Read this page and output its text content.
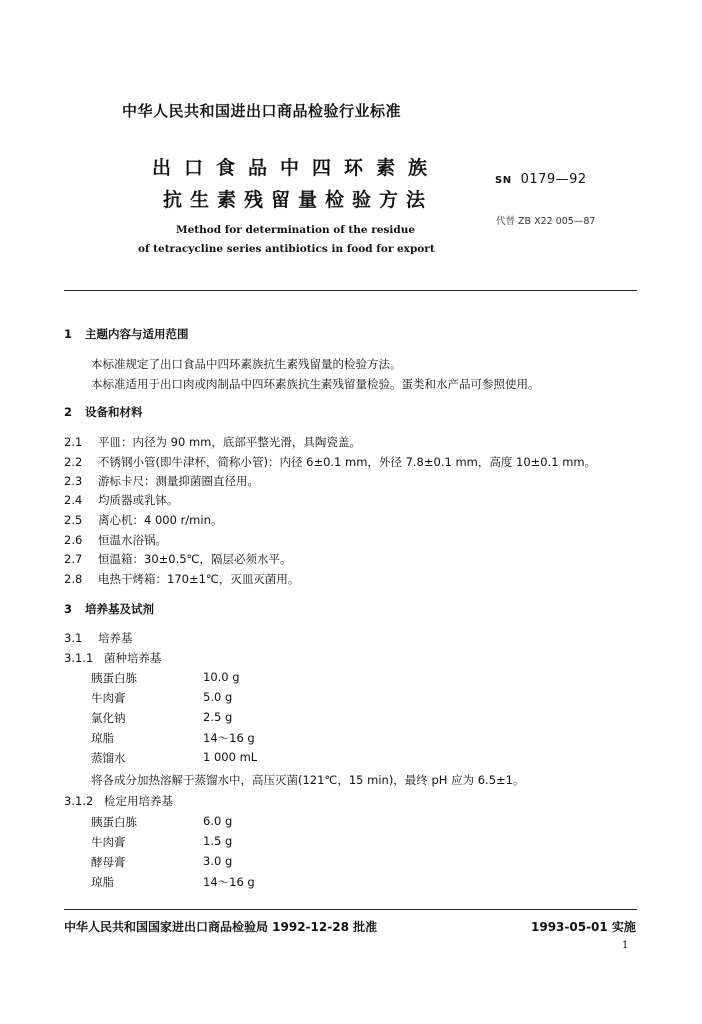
中华人民共和国进出口商品检验行业标准
出口食品中四环素族
抗生素残留量检验方法
SN 0179—92
代替 ZB X22 005—87
Method for determination of the residue
of tetracycline series antibiotics in food for export
1 主题内容与适用范围
本标准规定了出口食品中四环素族抗生素残留量的检验方法。
本标准适用于出口肉或肉制品中四环素族抗生素残留量检验。蛋类和水产品可参照使用。
2 设备和材料
2.1 平皿：内径为 90 mm，底部平整光滑，具陶瓷盖。
2.2 不锈钢小管(即牛津杯，简称小管)：内径 6±0.1 mm，外径 7.8±0.1 mm，高度 10±0.1 mm。
2.3 游标卡尺：测量抑菌圈直径用。
2.4 均质器或乳钵。
2.5 离心机：4 000 r/min。
2.6 恒温水浴锅。
2.7 恒温箱：30±0.5℃，隔层必须水平。
2.8 电热干烤箱：170±1℃，灭皿灭菌用。
3 培养基及试剂
3.1 培养基
3.1.1 菌种培养基
胰蛋白胨	10.0 g
牛肉膏	5.0 g
氯化钠	2.5 g
琼脂	14～16 g
蒸馏水	1 000 mL
将各成分加热溶解于蒸馏水中，高压灭菌(121℃，15 min)，最终 pH 应为 6.5±1。
3.1.2 检定用培养基
胰蛋白胨	6.0 g
牛肉膏	1.5 g
酵母膏	3.0 g
琼脂	14～16 g
中华人民共和国国家进出口商品检验局 1992-12-28 批准	1993-05-01 实施
1
